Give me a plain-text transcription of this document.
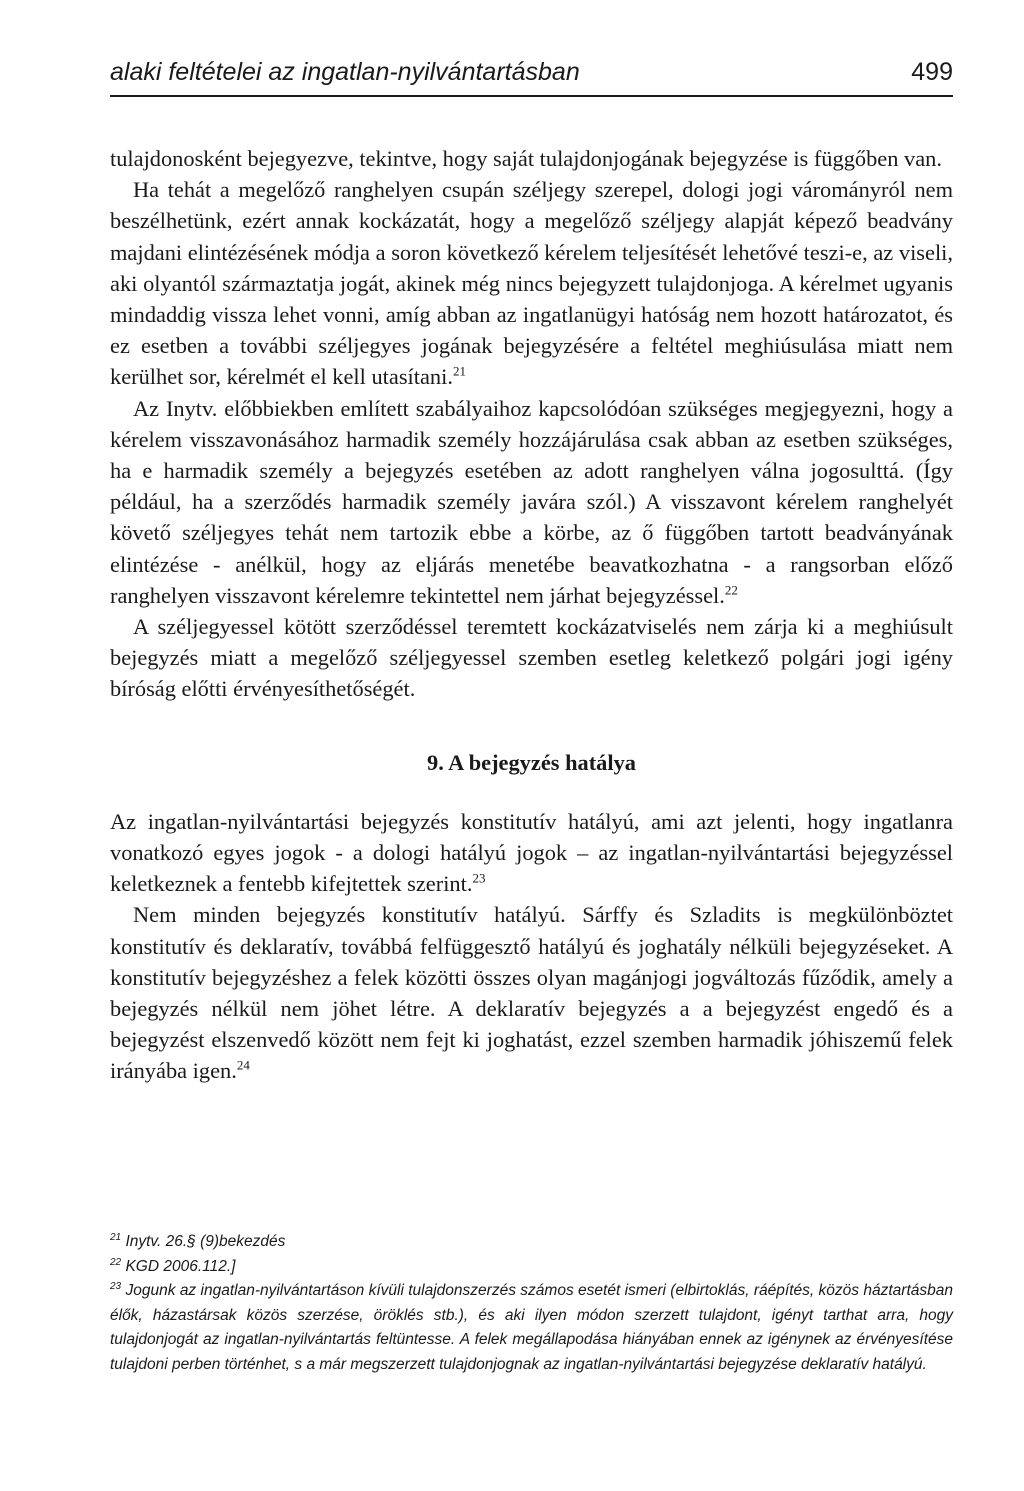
alaki feltételei az ingatlan-nyilvántartásban	499

tulajdonosként bejegyezve, tekintve, hogy saját tulajdonjogának bejegyzése is függőben van.

Ha tehát a megelőző ranghelyen csupán széljegy szerepel, dologi jogi várományról nem beszélhetünk, ezért annak kockázatát, hogy a megelőző széljegy alapját képező beadvány majdani elintézésének módja a soron következő kérelem teljesítését lehetővé teszi-e, az viseli, aki olyantól származtatja jogát, akinek még nincs bejegyzett tulajdonjoga. A kérelmet ugyanis mindaddig vissza lehet vonni, amíg abban az ingatlanügyi hatóság nem hozott határozatot, és ez esetben a további széljegyes jogának bejegyzésére a feltétel meghiúsulása miatt nem kerülhet sor, kérelmét el kell utasítani.$^{21}$

Az Inytv. előbbiekben említett szabályaihoz kapcsolódóan szükséges megjegyezni, hogy a kérelem visszavonásához harmadik személy hozzájárulása csak abban az esetben szükséges, ha e harmadik személy a bejegyzés esetében az adott ranghelyen válna jogosulttá. (Így például, ha a szerződés harmadik személy javára szól.) A visszavont kérelem ranghelyét követő széljegyes tehát nem tartozik ebbe a körbe, az ő függőben tartott beadványának elintézése - anélkül, hogy az eljárás menetébe beavatkozhatna - a rangsorban előző ranghelyen visszavont kérelemre tekintettel nem járhat bejegyzéssel.$^{22}$

A széljegyessel kötött szerződéssel teremtett kockázatviselés nem zárja ki a meghiúsult bejegyzés miatt a megelőző széljegyessel szemben esetleg keletkező polgári jogi igény bíróság előtti érvényesíthetőségét.

9. A bejegyzés hatálya

Az ingatlan-nyilvántartási bejegyzés konstitutív hatályú, ami azt jelenti, hogy ingatlanra vonatkozó egyes jogok - a dologi hatályú jogok – az ingatlan-nyilvántartási bejegyzéssel keletkeznek a fentebb kifejtettek szerint.$^{23}$

Nem minden bejegyzés konstitutív hatályú. Sárffy és Szladits is megkülönböztet konstitutív és deklaratív, továbbá felfüggesztő hatályú és joghatály nélküli bejegyzéseket. A konstitutív bejegyzéshez a felek közötti összes olyan magánjogi jogváltozás fűződik, amely a bejegyzés nélkül nem jöhet létre. A deklaratív bejegyzés a a bejegyzést engedő és a bejegyzést elszenvedő között nem fejt ki joghatást, ezzel szemben harmadik jóhiszemű felek irányába igen.$^{24}$

$^{21}$ Inytv. 26.§ (9)bekezdés

$^{22}$ KGD 2006.112.]

$^{23}$ Jogunk az ingatlan-nyilvántartáson kívüli tulajdonszerzés számos esetét ismeri (elbirtoklás, ráépítés, közös háztartásban élők, házastársak közös szerzése, öröklés stb.), és aki ilyen módon szerzett tulajdont, igényt tarthat arra, hogy tulajdonjogát az ingatlan-nyilvántartás feltüntesse. A felek megállapodása hiányában ennek az igénynek az érvényesítése tulajdoni perben történhet, s a már megszerzett tulajdonjognak az ingatlan-nyilvántartási bejegyzése deklaratív hatályú.
